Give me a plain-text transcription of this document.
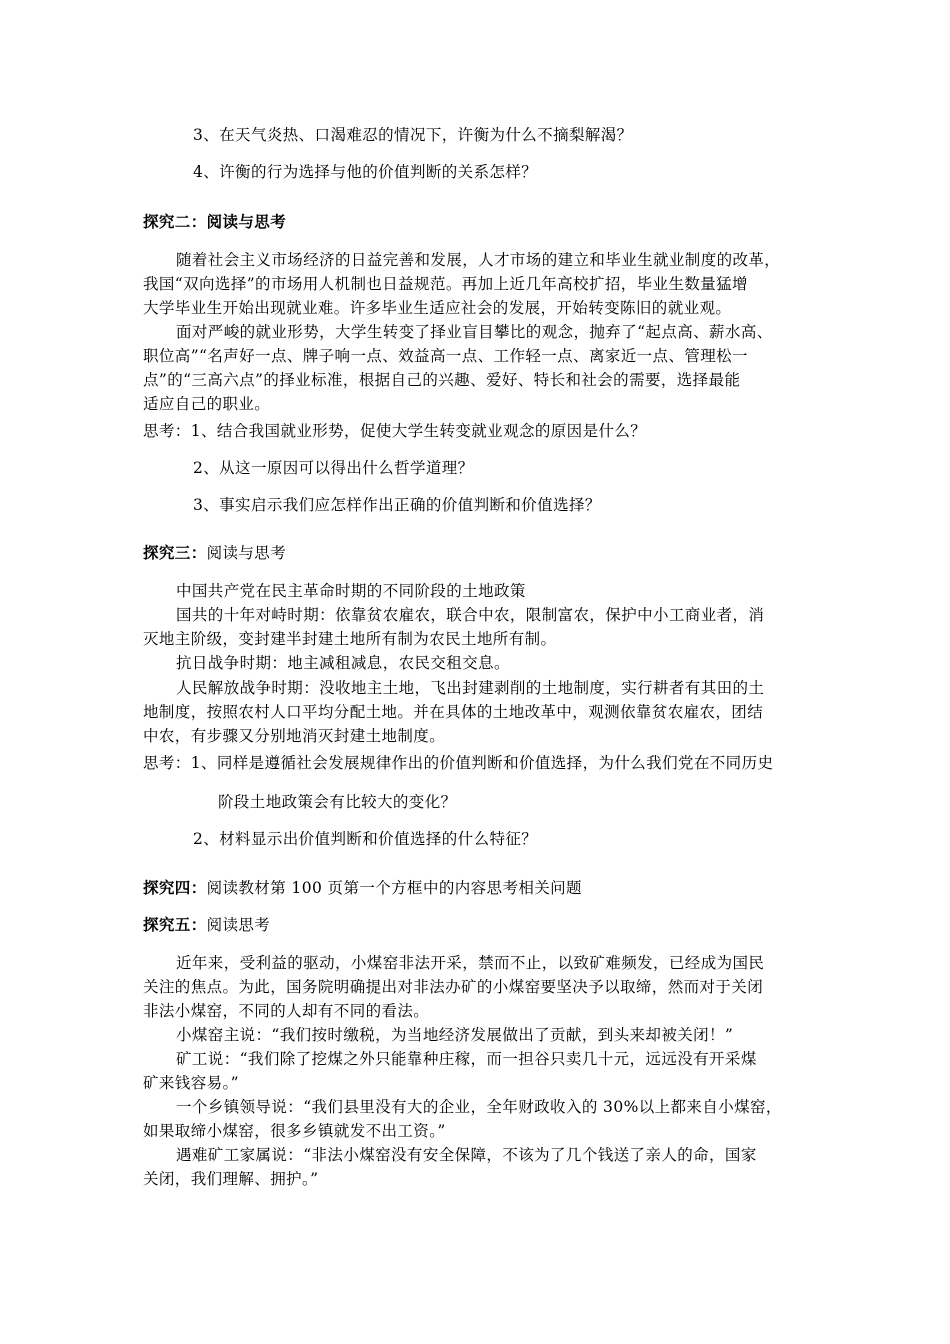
3、在天气炎热、口渴难忍的情况下，许衡为什么不摘梨解渴？
4、许衡的行为选择与他的价值判断的关系怎样？
探究二：阅读与思考
随着社会主义市场经济的日益完善和发展，人才市场的建立和毕业生就业制度的改革，
我国“双向选择”的市场用人机制也日益规范。再加上近几年高校扩招，毕业生数量猛增
大学毕业生开始出现就业难。许多毕业生适应社会的发展，开始转变陈旧的就业观。
面对严峻的就业形势，大学生转变了择业盲目攀比的观念，抛弃了“起点高、薪水高、
职位高”“名声好一点、牌子响一点、效益高一点、工作轻一点、离家近一点、管理松一
点”的“三高六点”的择业标准，根据自己的兴趣、爱好、特长和社会的需要，选择最能
适应自己的职业。
思考：1、结合我国就业形势，促使大学生转变就业观念的原因是什么？
2、从这一原因可以得出什么哲学道理？
3、事实启示我们应怎样作出正确的价值判断和价值选择？
探究三：阅读与思考
中国共产党在民主革命时期的不同阶段的土地政策
国共的十年对峙时期：依靠贫农雇农，联合中农，限制富农，保护中小工商业者，消
灭地主阶级，变封建半封建土地所有制为农民土地所有制。
抗日战争时期：地主减租减息，农民交租交息。
人民解放战争时期：没收地主土地，飞出封建剥削的土地制度，实行耕者有其田的土
地制度，按照农村人口平均分配土地。并在具体的土地改革中，观测依靠贫农雇农，团结
中农，有步骤又分别地消灭封建土地制度。
思考：1、同样是遵循社会发展规律作出的价值判断和价值选择，为什么我们党在不同历史
阶段土地政策会有比较大的变化？
2、材料显示出价值判断和价值选择的什么特征？
探究四：阅读教材第 100 页第一个方框中的内容思考相关问题
探究五：阅读思考
近年来，受利益的驱动，小煤窑非法开采，禁而不止，以致矿难频发，已经成为国民
关注的焦点。为此，国务院明确提出对非法办矿的小煤窑要坚决予以取缔，然而对于关闭
非法小煤窑，不同的人却有不同的看法。
小煤窑主说：“我们按时缴税，为当地经济发展做出了贡献，到头来却被关闭！”
矿工说：“我们除了挖煤之外只能靠种庄稼，而一担谷只卖几十元，远远没有开采煤
矿来钱容易。”
一个乡镇领导说：“我们县里没有大的企业，全年财政收入的 30%以上都来自小煤窑，
如果取缔小煤窑，很多乡镇就发不出工资。”
遇难矿工家属说：“非法小煤窑没有安全保障，不该为了几个钱送了亲人的命，国家
关闭，我们理解、拥护。”
